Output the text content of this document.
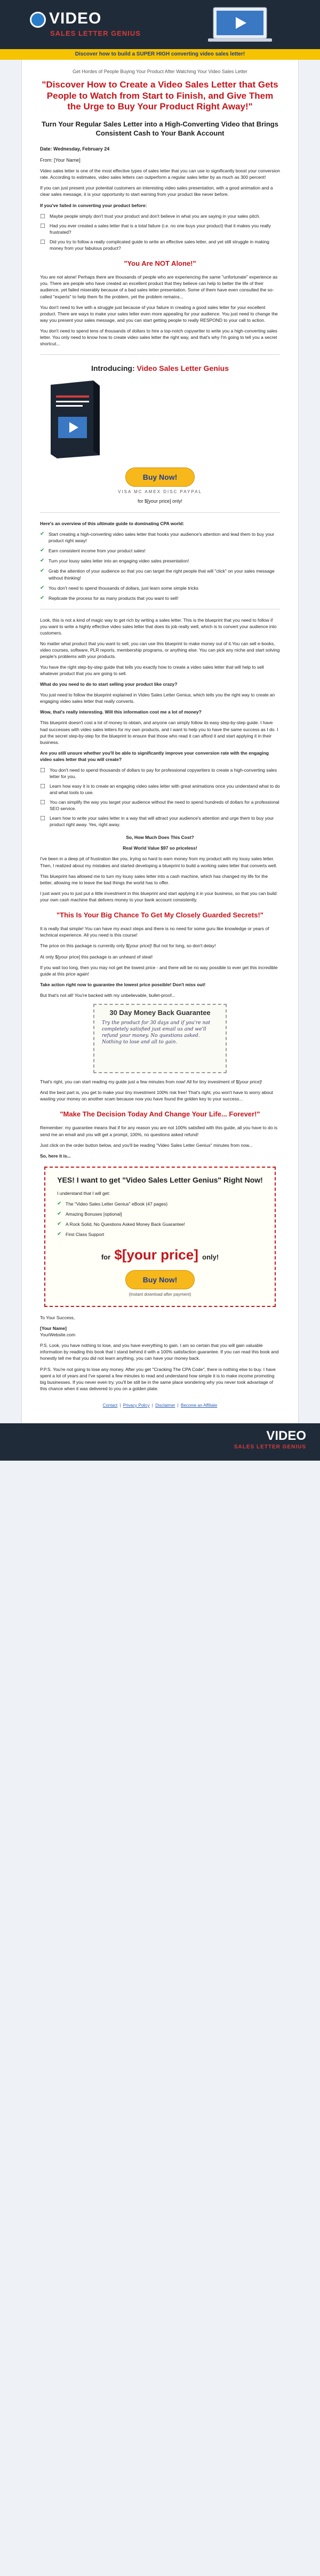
VIDEO
SALES LETTER GENIUS
Discover how to build a SUPER HIGH converting video sales letter!
Get Hordes of People Buying Your Product After Watching Your Video Sales Letter
"Discover How to Create a Video Sales Letter that Gets People to Watch from Start to Finish, and Give Them the Urge to Buy Your Product Right Away!"
Turn Your Regular Sales Letter into a High-Converting Video that Brings Consistent Cash to Your Bank Account

Date: Wednesday, February 24

From: [Your Name]

Video sales letter is one of the most effective types of sales letter that you can use to significantly boost your conversion rate. According to estimates, video sales letters can outperform a regular sales letter by as much as 300 percent!

If you can just present your potential customers an interesting video sales presentation, with a good animation and a clear sales message, it is your opportunity to start earning from your product like never before.

If you've failed in converting your product before:

☐ Maybe people simply don't trust your product and don't believe in what you are saying in your sales pitch.
☐ Had you ever created a sales letter that is a total failure (i.e. no one buys your product) that it makes you really frustrated?
☐ Did you try to follow a really complicated guide to write an effective sales letter, and yet still struggle in making money from your fabulous product?
"You Are NOT Alone!"

You are not alone! Perhaps there are thousands of people who are experiencing the same "unfortunate" experience as you. There are people who have created an excellent product that they believe can help to better the life of their audience, yet failed miserably because of a bad sales letter presentation. Some of them have even consulted the so-called "experts" to help them fix the problem, yet the problem remains...

You don't need to live with a struggle just because of your failure in creating a good sales letter for your excellent product. There are ways to make your sales letter even more appealing for your audience. You just need to change the way you present your sales message, and you can start getting people to really RESPOND to your call to action.

You don't need to spend tens of thousands of dollars to hire a top-notch copywriter to write you a high-converting sales letter. You only need to know how to create video sales letter the right way, and that's why I'm going to tell you a secret shortcut...

Introducing: Video Sales Letter Genius
Buy Now!
VISA MC AMEX DISC PAYPAL
for $[your price] only!

Here's an overview of this ultimate guide to dominating CPA world:

✔ Start creating a high-converting video sales letter that hooks your audience's attention and lead them to buy your product right away!
✔ Earn consistent income from your product sales!
✔ Turn your lousy sales letter into an engaging video sales presentation!
✔ Grab the attention of your audience so that you can target the right people that will "click" on your sales message without thinking!
✔ You don't need to spend thousands of dollars, just learn some simple tricks
✔ Replicate the process for as many products that you want to sell!

Look, this is not a kind of magic way to get rich by writing a sales letter. This is the blueprint that you need to follow if you want to write a highly effective video sales letter that does its job really well, which is to convert your audience into customers.

No matter what product that you want to sell, you can use this blueprint to make money out of it.You can sell e-books, video courses, software, PLR reports, membership programs, or anything else. You can pick any niche and start solving people's problems with your products.

You have the right step-by-step guide that tells you exactly how to create a video sales letter that will help to sell whatever product that you are going to sell.

What do you need to do to start selling your product like crazy?

You just need to follow the blueprint explained in Video Sales Letter Genius, which tells you the right way to create an engaging video sales letter that really converts.

Wow, that's really interesting. Will this information cost me a lot of money?

This blueprint doesn't cost a lot of money to obtain, and anyone can simply follow its easy step-by-step guide. I have had successes with video sales letters for my own products, and I want to help you to have the same success as I do. I put the secret step-by-step for the blueprint to ensure that those who read it can afford it and start applying it in their business.

Are you still unsure whether you'll be able to significantly improve your conversion rate with the engaging video sales letter that you will create?

☐ You don't need to spend thousands of dollars to pay for professional copywriters to create a high-converting sales letter for you.
☐ Learn how easy it is to create an engaging video sales letter with great animations once you understand what to do and what tools to use.
☐ You can simplify the way you target your audience without the need to spend hundreds of dollars for a professional SEO service.
☐ Learn how to write your sales letter in a way that will attract your audience's attention and urge them to buy your product right away. Yes, right away.

So, How Much Does This Cost?

Real World Value $97 so priceless!

I've been in a deep pit of frustration like you, trying so hard to earn money from my product with my lousy sales letter. Then, I realized about my mistakes and started developing a blueprint to build a working sales letter that converts well.

This blueprint has allowed me to turn my lousy sales letter into a cash machine, which has changed my life for the better, allowing me to leave the bad things the world has to offer.

I just want you to just put a little investment in this blueprint and start applying it in your business, so that you can build your own cash machine that delivers money to your bank account consistently.

"This Is Your Big Chance To Get My Closely Guarded Secrets!"

It is really that simple! You can have my exact steps and there is no need for some guru like knowledge or years of technical experience. All you need is this course!

The price on this package is currently only $[your price]! But not for long, so don't delay!

At only $[your price] this package is an unheard of steal!

If you wait too long, then you may not get the lowest price - and there will be no way possible to ever get this incredible guide at this price again!

Take action right now to guarantee the lowest price possible! Don't miss out!

But that's not all! You're backed with my unbelievable, bullet-proof...

30 Day Money Back Guarantee
Try the product for 30 days and if you're not completely satisfied just email us and we'll refund your money. No questions asked. Nothing to lose and all to gain.

That's right, you can start reading my guide just a few minutes from now! All for tiny investment of $[your price]!

And the best part is, you get to make your tiny investment 100% risk free! That's right, you won't have to worry about wasting your money on another scam because now you have found the golden key to your success...

"Make The Decision Today And Change Your Life... Forever!"

Remember: my guarantee means that if for any reason you are not 100% satisfied with this guide, all you have to do is send me an email and you will get a prompt, 100%, no questions asked refund!

Just click on the order button below, and you'll be reading "Video Sales Letter Genius" minutes from now...

So, here it is...

YES! I want to get "Video Sales Letter Genius" Right Now!

I understand that I will get:

✔ The "Video Sales Letter Genius" eBook (47 pages)
✔ Amazing Bonuses [optional]
✔ A Rock Solid, No Questions Asked Money Back Guarantee!
✔ First Class Support
for $[your price] only!
Buy Now!
(Instant download after payment)

To Your Success,

[Your Name]

YourWebsite.com

P.S. Look, you have nothing to lose, and you have everything to gain. I am so certain that you will gain valuable information by reading this book that I stand behind it with a 100% satisfaction guarantee. If you can read this book and honestly tell me that you did not learn anything, you can have your money back.

P.P.S. You're not going to lose any money. After you get "Cracking The CPA Code", there is nothing else to buy. I have spent a lot of years and I've spared a few minutes to read and understand how simple it is to make income promoting big businesses. If you never even try, you'll be still be in the same place wondering why you never took advantage of this chance when it was delivered to you on a golden plate.

Contact | Privacy Policy | Disclaimer | Become an Affiliate
VIDEO
SALES LETTER GENIUS
